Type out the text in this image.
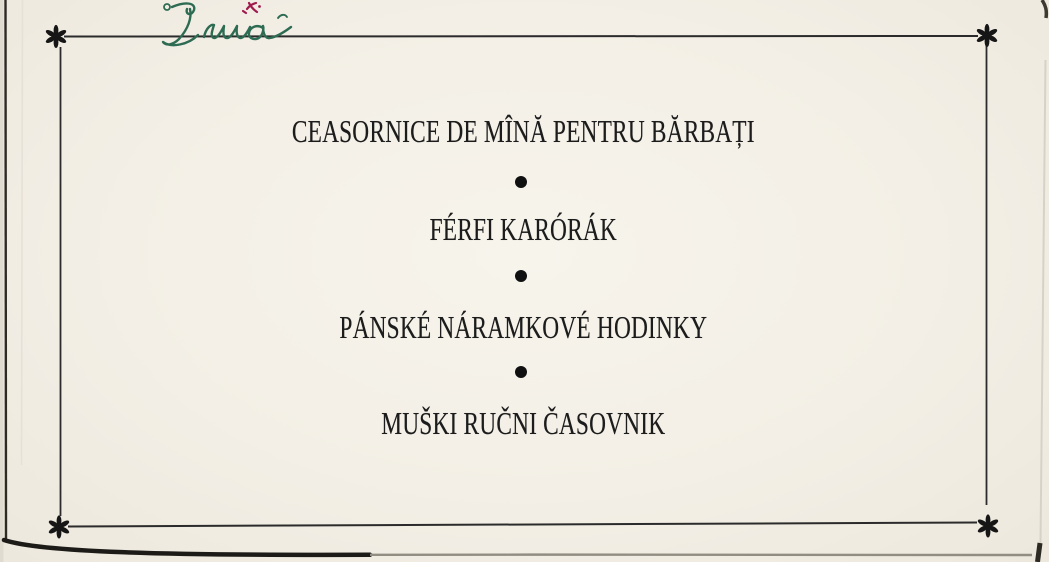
CEASORNICE DE MÎNĂ PENTRU BĂRBAȚI
FÉRFI KARÓRÁK
PÁNSKÉ NÁRAMKOVÉ HODINKY
MUŠKI RUČNI ČASOVNIK
